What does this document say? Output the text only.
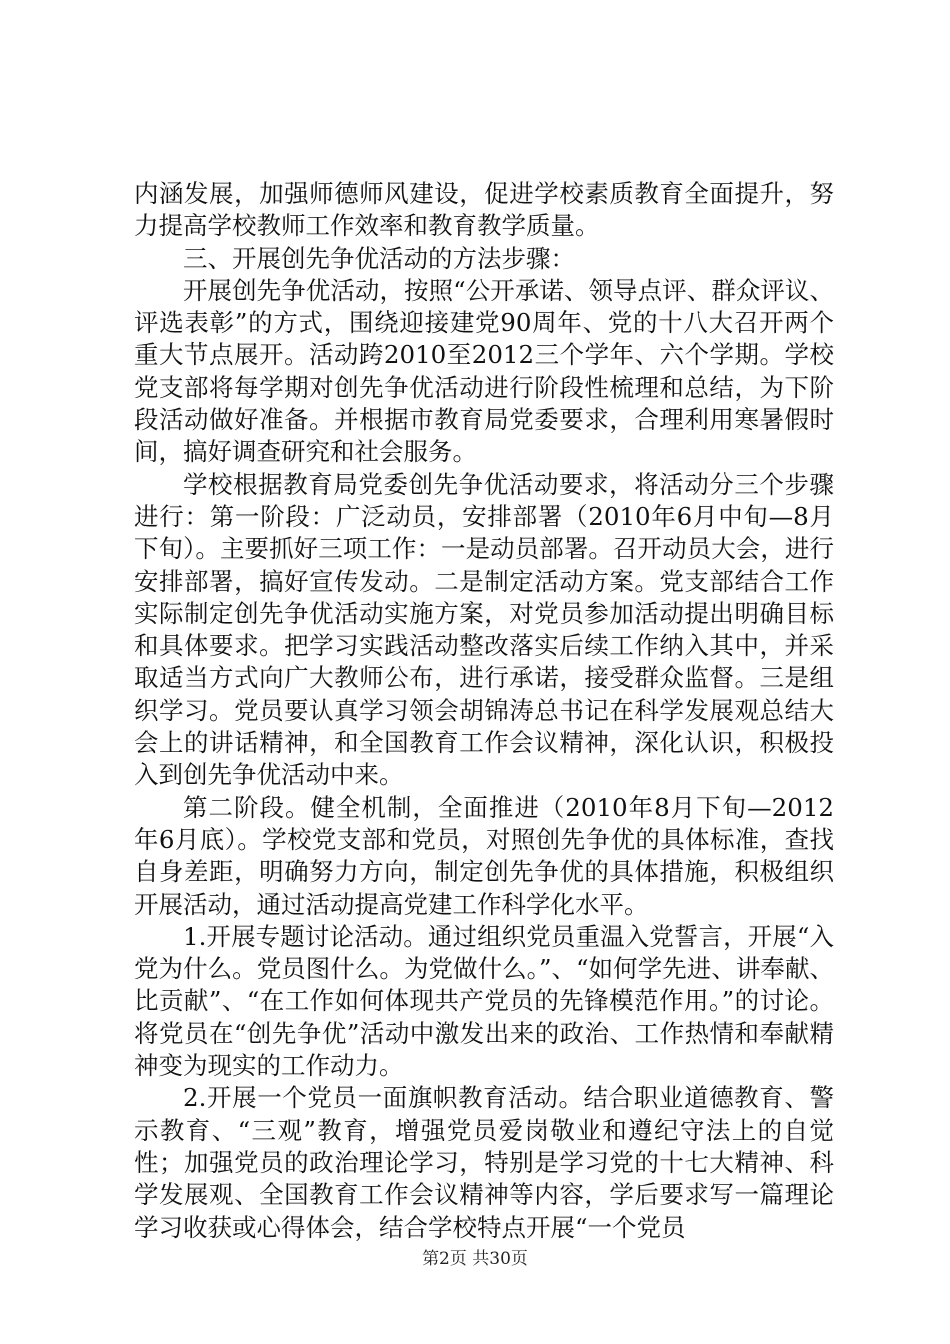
内涵发展，加强师德师风建设，促进学校素质教育全面提升，努力提高学校教师工作效率和教育教学质量。

三、开展创先争优活动的方法步骤：

开展创先争优活动，按照“公开承诺、领导点评、群众评议、评选表彰”的方式，围绕迎接建党90周年、党的十八大召开两个重大节点展开。活动跨2010至2012三个学年、六个学期。学校党支部将每学期对创先争优活动进行阶段性梳理和总结，为下阶段活动做好准备。并根据市教育局党委要求，合理利用寒暑假时间，搞好调查研究和社会服务。

学校根据教育局党委创先争优活动要求，将活动分三个步骤进行：第一阶段：广泛动员，安排部署（2010年6月中旬—8月下旬）。主要抓好三项工作：一是动员部署。召开动员大会，进行安排部署，搞好宣传发动。二是制定活动方案。党支部结合工作实际制定创先争优活动实施方案，对党员参加活动提出明确目标和具体要求。把学习实践活动整改落实后续工作纳入其中，并采取适当方式向广大教师公布，进行承诺，接受群众监督。三是组织学习。党员要认真学习领会胡锦涛总书记在科学发展观总结大会上的讲话精神，和全国教育工作会议精神，深化认识，积极投入到创先争优活动中来。

第二阶段。健全机制，全面推进（2010年8月下旬—2012年6月底）。学校党支部和党员，对照创先争优的具体标准，查找自身差距，明确努力方向，制定创先争优的具体措施，积极组织开展活动，通过活动提高党建工作科学化水平。

1.开展专题讨论活动。通过组织党员重温入党誓言，开展“入党为什么。党员图什么。为党做什么。”、“如何学先进、讲奉献、比贡献”、“在工作如何体现共产党员的先锋模范作用。”的讨论。将党员在“创先争优”活动中激发出来的政治、工作热情和奉献精神变为现实的工作动力。

2.开展一个党员一面旗帜教育活动。结合职业道德教育、警示教育、“三观”教育，增强党员爱岗敬业和遵纪守法上的自觉性；加强党员的政治理论学习，特别是学习党的十七大精神、科学发展观、全国教育工作会议精神等内容，学后要求写一篇理论学习收获或心得体会，结合学校特点开展“一个党员

第2页 共30页
